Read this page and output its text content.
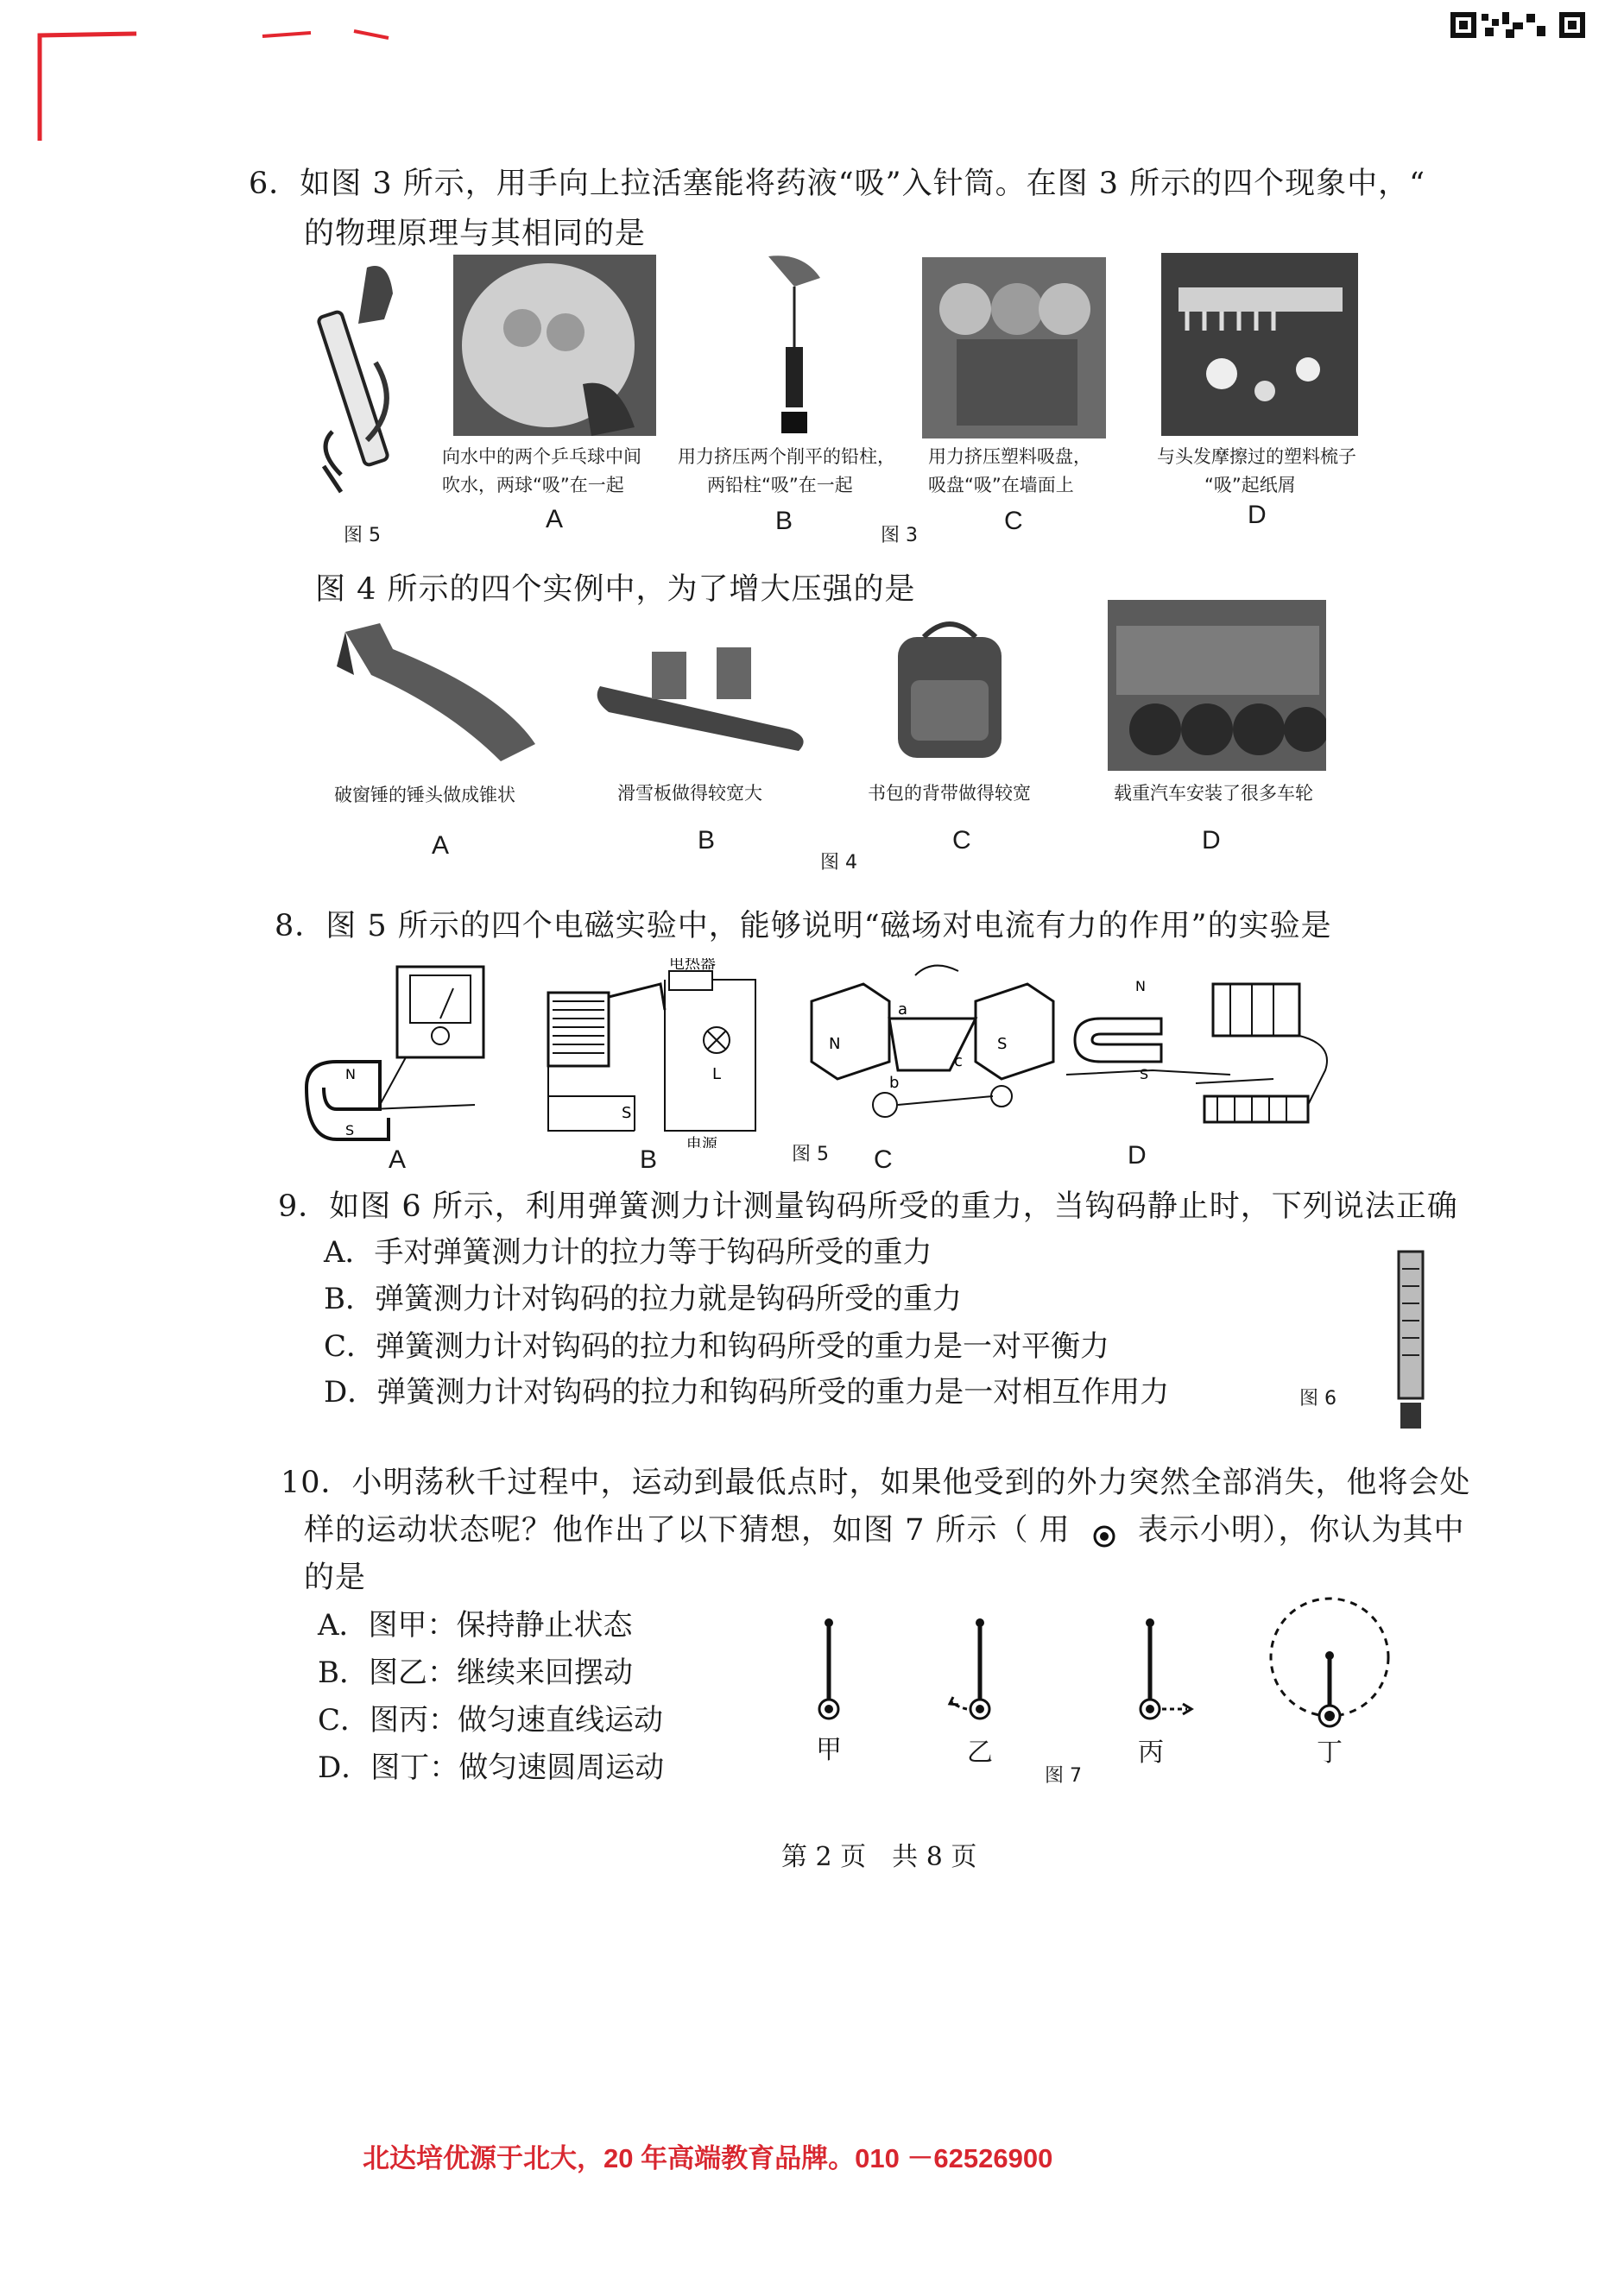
6．如图 3 所示，用手向上拉活塞能将药液“吸”入针筒。在图 3 所示的四个现象中，“
的物理原理与其相同的是
图 5
向水中的两个乒乓球中间
吹水，两球“吸”在一起
用力挤压两个削平的铅柱，
两铅柱“吸”在一起
用力挤压塑料吸盘，
吸盘“吸”在墙面上
与头发摩擦过的塑料梳子
“吸”起纸屑
A	B
图 3
C	D
图 4 所示的四个实例中，为了增大压强的是
破窗锤的锤头做成锥状	滑雪板做得较宽大	书包的背带做得较宽	载重汽车安装了很多车轮
A	B
图 4
C	D
8．图 5 所示的四个电磁实验中，能够说明“磁场对电流有力的作用”的实验是
N
S
电热器
L
S
电源
N	S
a
b
c
N
S
A	B	图 5 C	D
9．如图 6 所示，利用弹簧测力计测量钩码所受的重力，当钩码静止时，下列说法正确
A．手对弹簧测力计的拉力等于钩码所受的重力
B．弹簧测力计对钩码的拉力就是钩码所受的重力
C．弹簧测力计对钩码的拉力和钩码所受的重力是一对平衡力
D．弹簧测力计对钩码的拉力和钩码所受的重力是一对相互作用力	图 6
10．小明荡秋千过程中，运动到最低点时，如果他受到的外力突然全部消失，他将会处
样的运动状态呢？他作出了以下猜想，如图 7 所示（ 用 表示小明），你认为其中
的是
A．图甲：保持静止状态
B．图乙：继续来回摆动
C．图丙：做匀速直线运动
D．图丁：做匀速圆周运动
甲	乙
图 7
丙	丁
第 2 页　共 8 页
北达培优源于北大，20 年高端教育品牌。010 －62526900
